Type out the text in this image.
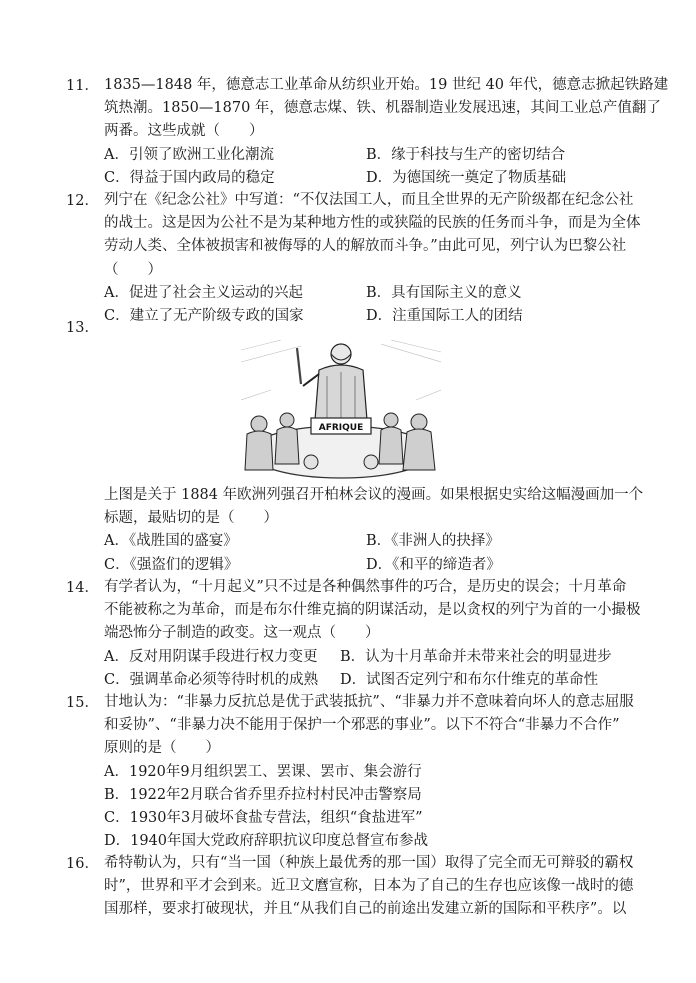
11． 1835—1848 年，德意志工业革命从纺织业开始。19 世纪 40 年代，德意志掀起铁路建
筑热潮。1850—1870 年，德意志煤、铁、机器制造业发展迅速，其间工业总产值翻了
两番。这些成就（　　）
A．引领了欧洲工业化潮流	B．缘于科技与生产的密切结合
C．得益于国内政局的稳定	D．为德国统一奠定了物质基础
12． 列宁在《纪念公社》中写道：“不仅法国工人，而且全世界的无产阶级都在纪念公社
的战士。这是因为公社不是为某种地方性的或狭隘的民族的任务而斗争，而是为全体
劳动人类、全体被损害和被侮辱的人的解放而斗争。”由此可见，列宁认为巴黎公社
（　　）
A．促进了社会主义运动的兴起	B．具有国际主义的意义
C．建立了无产阶级专政的国家	D．注重国际工人的团结
13．
AFRIQUE
上图是关于 1884 年欧洲列强召开柏林会议的漫画。如果根据史实给这幅漫画加一个
标题，最贴切的是（　　）
A．《战胜国的盛宴》	B．《非洲人的抉择》
C．《强盗们的逻辑》	D．《和平的缔造者》
14． 有学者认为，“十月起义”只不过是各种偶然事件的巧合，是历史的误会；十月革命
不能被称之为革命，而是布尔什维克搞的阴谋活动，是以贪权的列宁为首的一小撮极
端恐怖分子制造的政变。这一观点（　　）
A．反对用阴谋手段进行权力变更	B．认为十月革命并未带来社会的明显进步
C．强调革命必须等待时机的成熟	D．试图否定列宁和布尔什维克的革命性
15． 甘地认为：“非暴力反抗总是优于武装抵抗”、“非暴力并不意味着向坏人的意志屈服
和妥协”、“非暴力决不能用于保护一个邪恶的事业”。以下不符合“非暴力不合作”
原则的是（　　）
A．1920年9月组织罢工、罢课、罢市、集会游行
B．1922年2月联合省乔里乔拉村村民冲击警察局
C．1930年3月破坏食盐专营法，组织“食盐进军”
D．1940年国大党政府辞职抗议印度总督宣布参战
16． 希特勒认为，只有“当一国（种族上最优秀的那一国）取得了完全而无可辩驳的霸权
时”，世界和平才会到来。近卫文麿宣称，日本为了自己的生存也应该像一战时的德
国那样，要求打破现状，并且“从我们自己的前途出发建立新的国际和平秩序”。以
